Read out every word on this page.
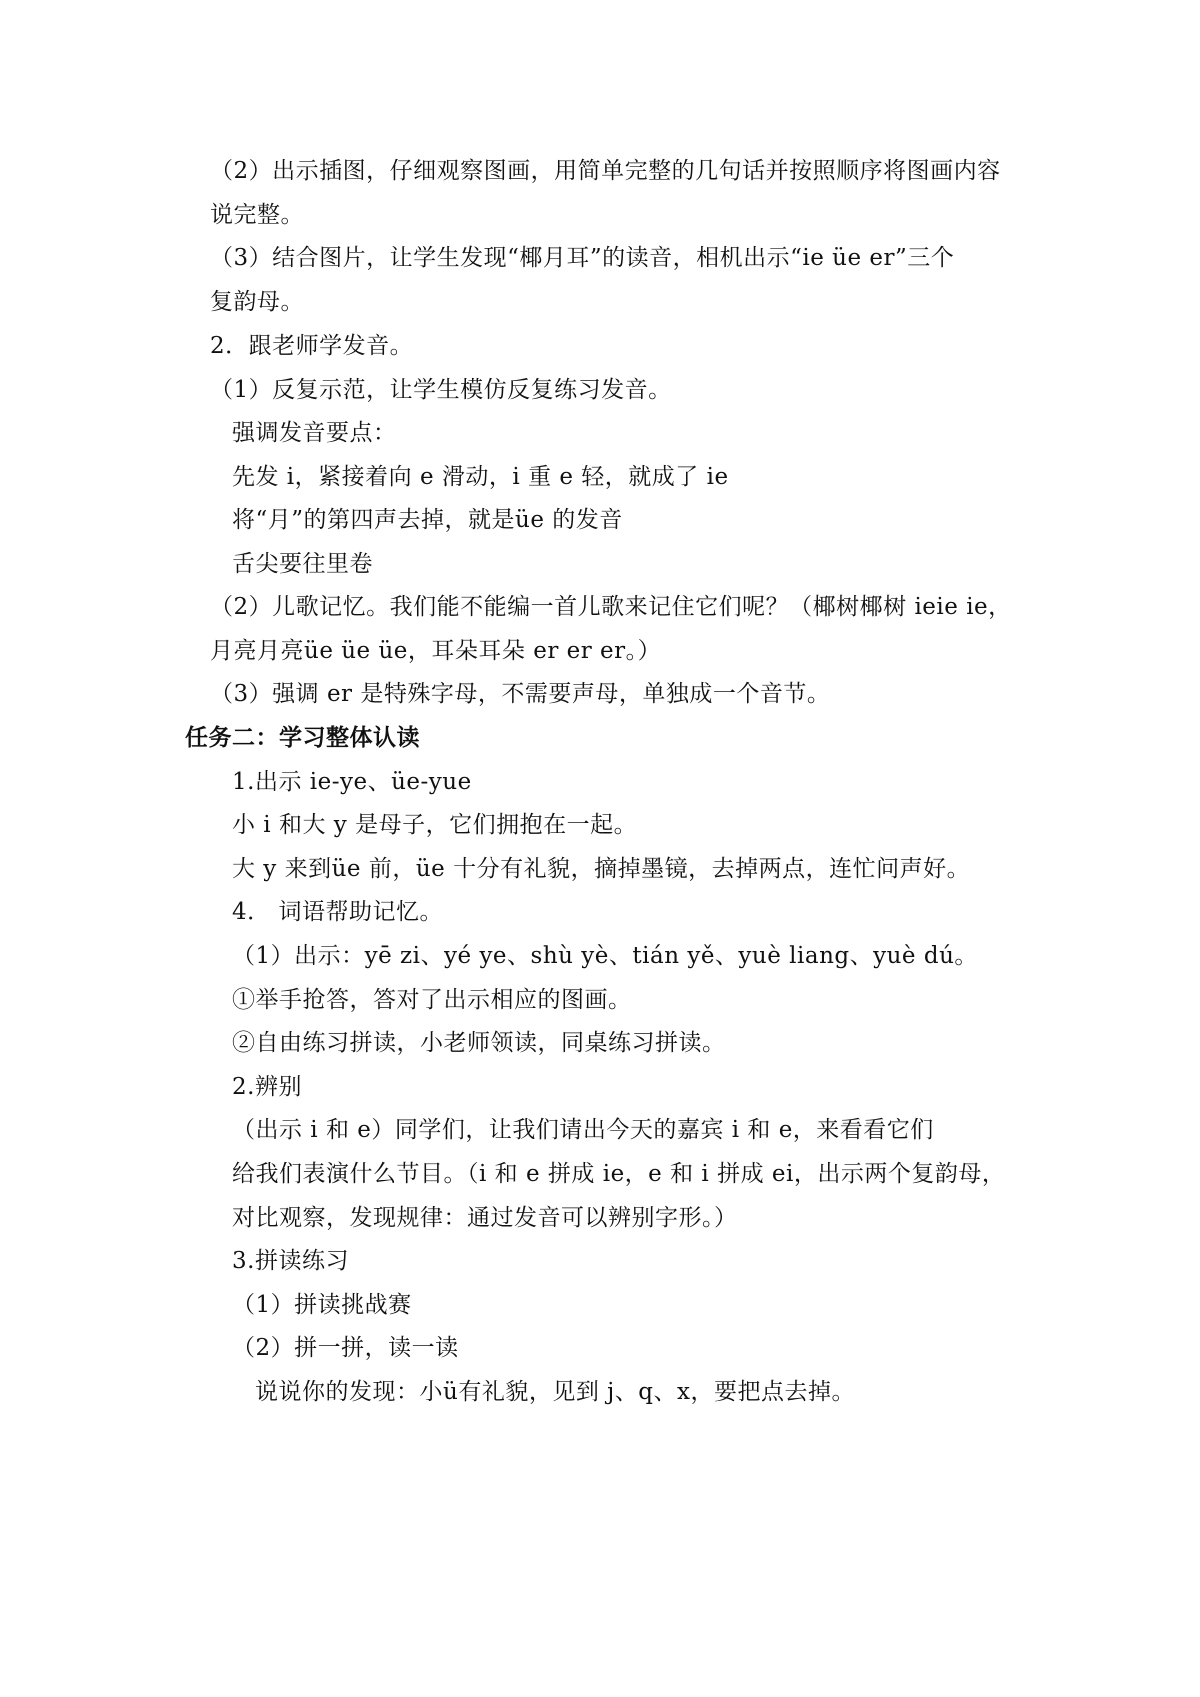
（2）出示插图，仔细观察图画，用简单完整的几句话并按照顺序将图画内容
说完整。
（3）结合图片，让学生发现“椰月耳”的读音，相机出示“ie üe er”三个
复韵母。
2．跟老师学发音。
（1）反复示范，让学生模仿反复练习发音。
强调发音要点：
先发 i，紧接着向 e 滑动，i 重 e 轻，就成了 ie
将“月”的第四声去掉，就是üe 的发音
舌尖要往里卷
（2）儿歌记忆。我们能不能编一首儿歌来记住它们呢？（椰树椰树 ieie ie，
月亮月亮üe üe üe，耳朵耳朵 er er er。）
（3）强调 er 是特殊字母，不需要声母，单独成一个音节。
任务二：学习整体认读
1.出示 ie-ye、üe-yue
小 i 和大 y 是母子，它们拥抱在一起。
大 y 来到üe 前，üe 十分有礼貌，摘掉墨镜，去掉两点，连忙问声好。
4． 词语帮助记忆。
（1）出示：yē zi、yé ye、shù yè、tián yě、yuè liang、yuè dú。
①举手抢答，答对了出示相应的图画。
②自由练习拼读，小老师领读，同桌练习拼读。
2.辨别
（出示 i 和 e）同学们，让我们请出今天的嘉宾 i 和 e，来看看它们
给我们表演什么节目。（i 和 e 拼成 ie，e 和 i 拼成 ei，出示两个复韵母，
对比观察，发现规律：通过发音可以辨别字形。）
3.拼读练习
（1）拼读挑战赛
（2）拼一拼，读一读
说说你的发现：小ü有礼貌，见到 j、q、x，要把点去掉。
